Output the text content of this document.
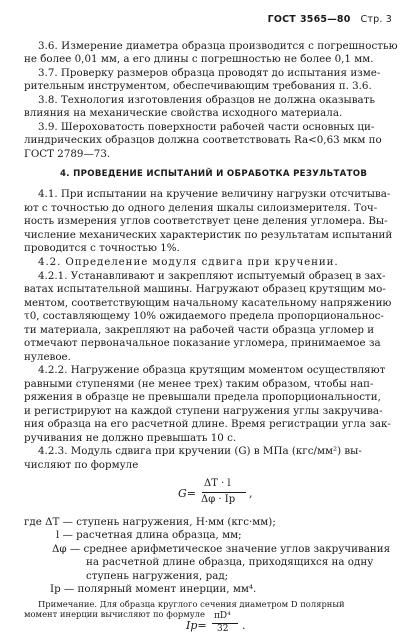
ГОСТ 3565—80 Стр. 3
3.6. Измерение диаметра образца производится с погрешностью
не более 0,01 мм, а его длины с погрешностью не более 0,1 мм.
3.7. Проверку размеров образца проводят до испытания изме-
рительным инструментом, обеспечивающим требования п. 3.6.
3.8. Технология изготовления образцов не должна оказывать
влияния на механические свойства исходного материала.
3.9. Шероховатость поверхности рабочей части основных ци-
линдрических образцов должна соответствовать Ra<0,63 мкм по
ГОСТ 2789—73.
4. ПРОВЕДЕНИЕ ИСПЫТАНИЙ И ОБРАБОТКА РЕЗУЛЬТАТОВ
4.1. При испытании на кручение величину нагрузки отсчитыва-
ют с точностью до одного деления шкалы силоизмерителя. Точ-
ность измерения углов соответствует цене деления угломера. Вы-
числение механических характеристик по результатам испытаний
проводится с точностью 1%.
4.2. Определение модуля сдвига при кручении.
4.2.1. Устанавливают и закрепляют испытуемый образец в зах-
ватах испытательной машины. Нагружают образец крутящим мо-
ментом, соответствующим начальному касательному напряжению
τ0, составляющему 10% ожидаемого предела пропорциональнос-
ти материала, закрепляют на рабочей части образца угломер и
отмечают первоначальное показание угломера, принимаемое за
нулевое.
4.2.2. Нагружение образца крутящим моментом осуществляют
равными ступенями (не менее трех) таким образом, чтобы нап-
ряжения в образце не превышали предела пропорциональности,
и регистрируют на каждой ступени нагружения углы закручива-
ния образца на его расчетной длине. Время регистрации угла зак-
ручивания не должно превышать 10 с.
4.2.3. Модуль сдвига при кручении (G) в МПа (кгс/мм²) вы-
числяют по формуле
G=
ΔT · l
Δφ · Ip ,
где ΔT — ступень нагружения, Н·мм (кгс·мм);
l — расчетная длина образца, мм;
Δφ — среднее арифметическое значение углов закручивания
на расчетной длине образца, приходящихся на одну
ступень нагружения, рад;
Ip — полярный момент инерции, мм⁴.
Примечание. Для образца круглого сечения диаметром D полярный
момент инерции вычисляют по формуле
Ip=
πD⁴
32 .
